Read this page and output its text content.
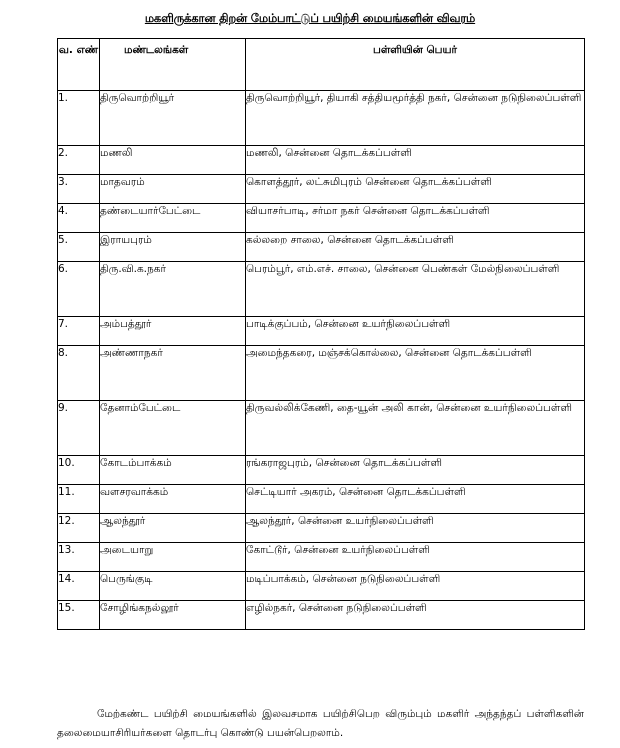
மகளிருக்கான திறன் மேம்பாட்டுப் பயிற்சி மையங்களின் விவரம்
வ. எண்	மண்டலங்கள்	பள்ளியின் பெயர்
1.	திருவொற்றியூர்	திருவொற்றியூர், தியாகி சத்தியமூர்த்தி நகர், சென்னை நடுநிலைப்பள்ளி
2.	மணலி	மணலி, சென்னை தொடக்கப்பள்ளி
3.	மாதவரம்	கொளத்தூர், லட்சுமிபுரம் சென்னை தொடக்கப்பள்ளி
4.	தண்டையார்பேட்டை	வியாசர்பாடி, சர்மா நகர் சென்னை தொடக்கப்பள்ளி
5.	இராயபுரம்	கல்லறை சாலை, சென்னை தொடக்கப்பள்ளி
6.	திரு.வி.க.நகர்	பெரம்பூர், எம்.எச். சாலை, சென்னை பெண்கள் மேல்நிலைப்பள்ளி
7.	அம்பத்தூர்	பாடிக்குப்பம், சென்னை உயர்நிலைப்பள்ளி
8.	அண்ணாநகர்	அமைந்தகரை, மஞ்சக்கொல்லை, சென்னை தொடக்கப்பள்ளி
9.	தேனாம்பேட்டை	திருவல்லிக்கேணி, தை-யூன் அலி கான், சென்னை உயர்நிலைப்பள்ளி
10.	கோடம்பாக்கம்	ரங்கராஜபுரம், சென்னை தொடக்கப்பள்ளி
11.	வளசரவாக்கம்	செட்டியார் அகரம், சென்னை தொடக்கப்பள்ளி
12.	ஆலந்தூர்	ஆலந்தூர், சென்னை உயர்நிலைப்பள்ளி
13.	அடையாறு	கோட்டூர், சென்னை உயர்நிலைப்பள்ளி
14.	பெருங்குடி	மடிப்பாக்கம், சென்னை நடுநிலைப்பள்ளி
15.	சோழிங்கநல்லூர்	எழில்நகர், சென்னை நடுநிலைப்பள்ளி
மேற்கண்ட பயிற்சி மையங்களில் இலவசமாக பயிற்சிபெற விரும்பும் மகளிர் அந்தந்தப் பள்ளிகளின் தலைமையாசிரியர்களை தொடர்பு கொண்டு பயன்பெறலாம்.
